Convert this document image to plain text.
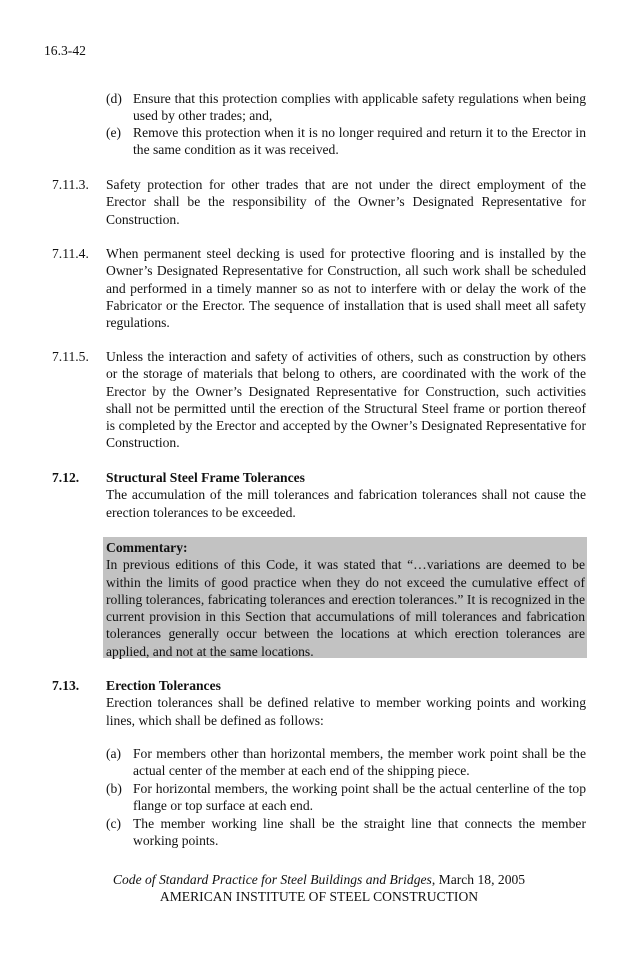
16.3-42
(d) Ensure that this protection complies with applicable safety regulations when being used by other trades; and,
(e) Remove this protection when it is no longer required and return it to the Erector in the same condition as it was received.
7.11.3. Safety protection for other trades that are not under the direct employment of the Erector shall be the responsibility of the Owner’s Designated Representative for Construction.
7.11.4. When permanent steel decking is used for protective flooring and is installed by the Owner’s Designated Representative for Construction, all such work shall be scheduled and performed in a timely manner so as not to interfere with or delay the work of the Fabricator or the Erector. The sequence of installation that is used shall meet all safety regulations.
7.11.5. Unless the interaction and safety of activities of others, such as construction by others or the storage of materials that belong to others, are coordinated with the work of the Erector by the Owner’s Designated Representative for Construction, such activities shall not be permitted until the erection of the Structural Steel frame or portion thereof is completed by the Erector and accepted by the Owner’s Designated Representative for Construction.
7.12. Structural Steel Frame Tolerances
The accumulation of the mill tolerances and fabrication tolerances shall not cause the erection tolerances to be exceeded.
Commentary:
In previous editions of this Code, it was stated that “…variations are deemed to be within the limits of good practice when they do not exceed the cumulative effect of rolling tolerances, fabricating tolerances and erection tolerances.” It is recognized in the current provision in this Section that accumulations of mill tolerances and fabrication tolerances generally occur between the locations at which erection tolerances are applied, and not at the same locations.
7.13. Erection Tolerances
Erection tolerances shall be defined relative to member working points and working lines, which shall be defined as follows:
(a) For members other than horizontal members, the member work point shall be the actual center of the member at each end of the shipping piece.
(b) For horizontal members, the working point shall be the actual centerline of the top flange or top surface at each end.
(c) The member working line shall be the straight line that connects the member working points.
Code of Standard Practice for Steel Buildings and Bridges, March 18, 2005
AMERICAN INSTITUTE OF STEEL CONSTRUCTION
